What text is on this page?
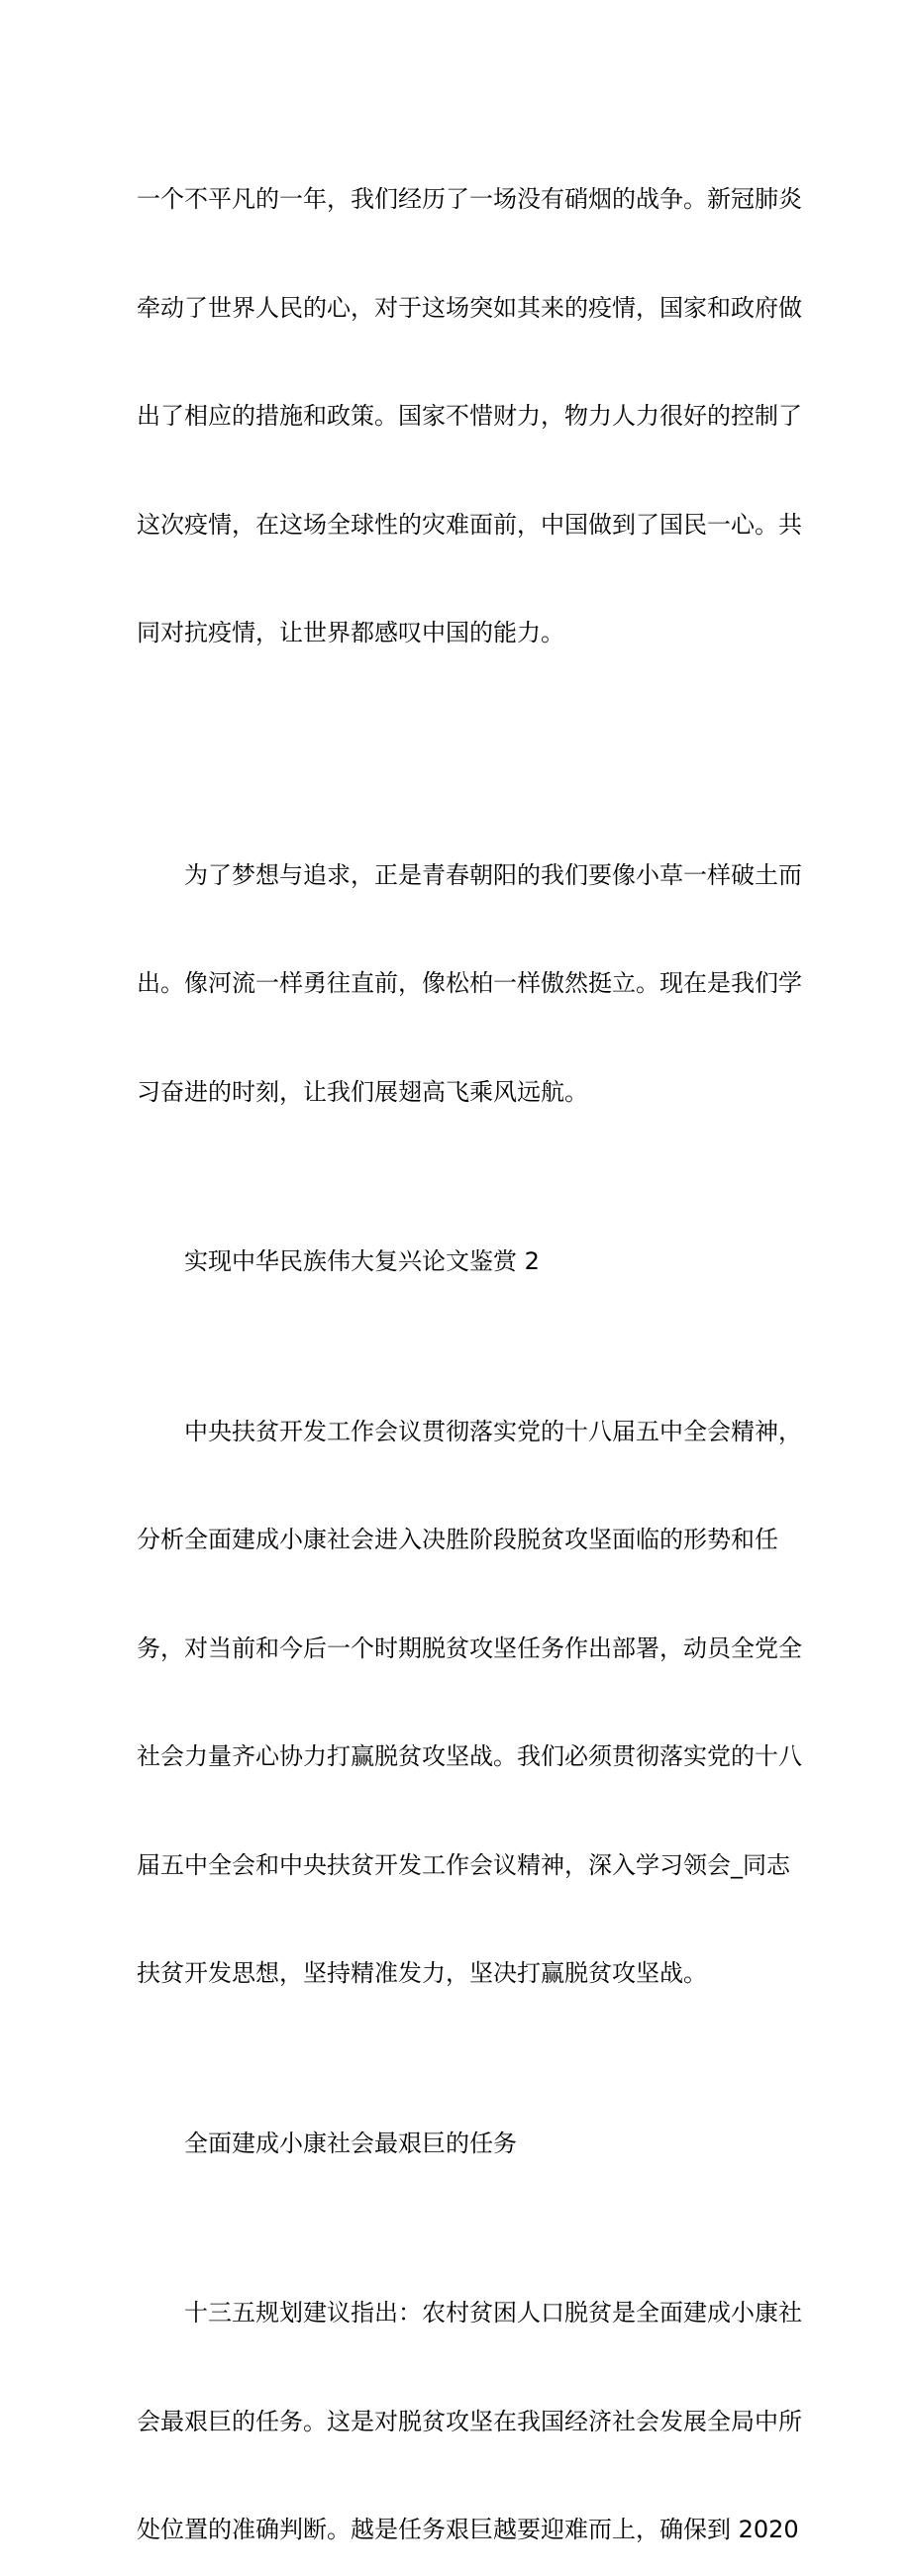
一个不平凡的一年，我们经历了一场没有硝烟的战争。新冠肺炎

牵动了世界人民的心，对于这场突如其来的疫情，国家和政府做

出了相应的措施和政策。国家不惜财力，物力人力很好的控制了

这次疫情，在这场全球性的灾难面前，中国做到了国民一心。共

同对抗疫情，让世界都感叹中国的能力。

　　为了梦想与追求，正是青春朝阳的我们要像小草一样破土而

出。像河流一样勇往直前，像松柏一样傲然挺立。现在是我们学

习奋进的时刻，让我们展翅高飞乘风远航。

实现中华民族伟大复兴论文鉴赏 2

　　中央扶贫开发工作会议贯彻落实党的十八届五中全会精神，

分析全面建成小康社会进入决胜阶段脱贫攻坚面临的形势和任

务，对当前和今后一个时期脱贫攻坚任务作出部署，动员全党全

社会力量齐心协力打赢脱贫攻坚战。我们必须贯彻落实党的十八

届五中全会和中央扶贫开发工作会议精神，深入学习领会_同志

扶贫开发思想，坚持精准发力，坚决打赢脱贫攻坚战。

全面建成小康社会最艰巨的任务

　　十三五规划建议指出：农村贫困人口脱贫是全面建成小康社

会最艰巨的任务。这是对脱贫攻坚在我国经济社会发展全局中所

处位置的准确判断。越是任务艰巨越要迎难而上，确保到 2020
